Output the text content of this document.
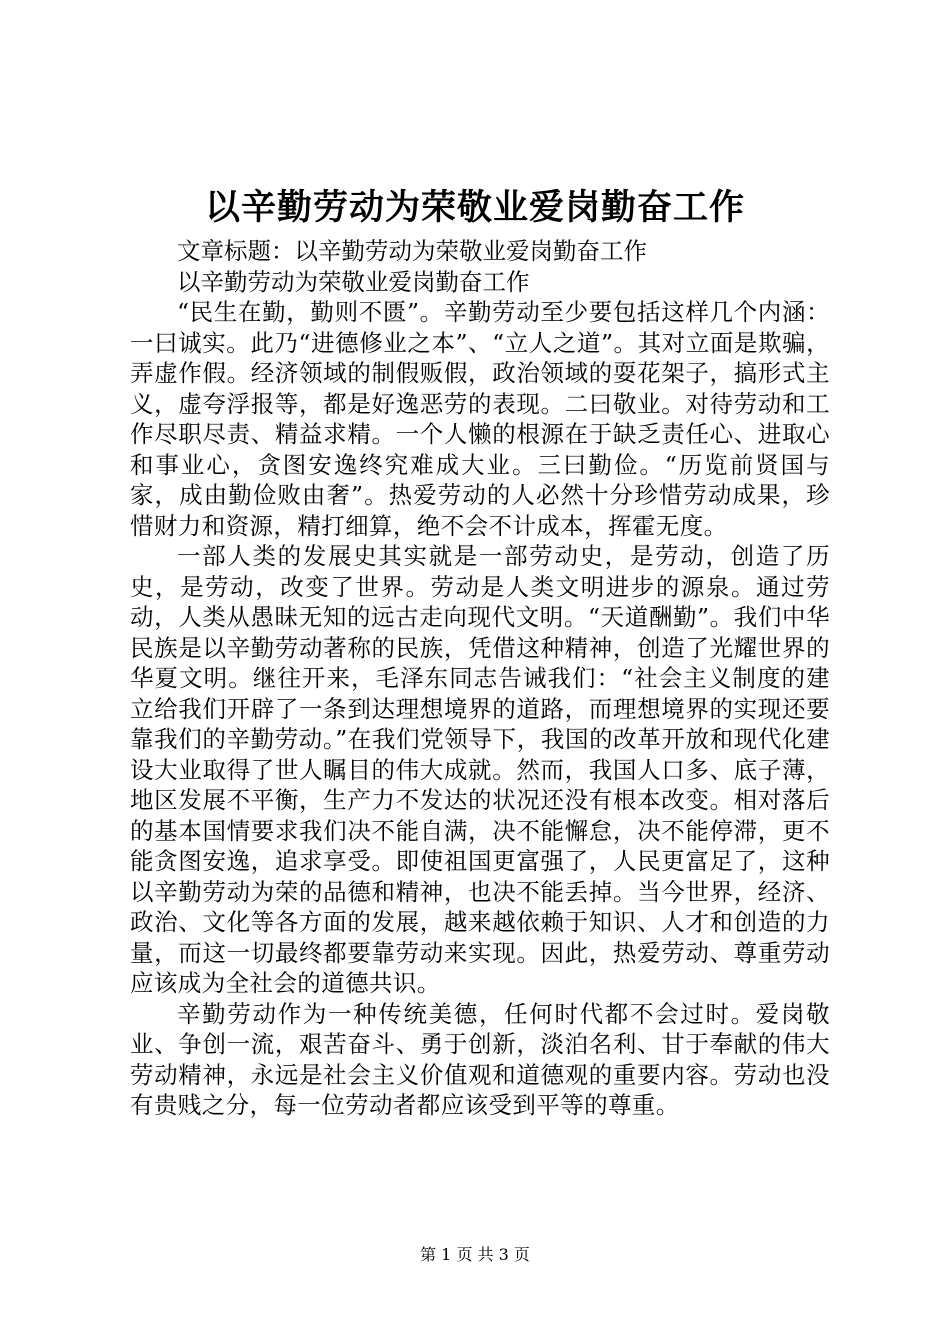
以辛勤劳动为荣敬业爱岗勤奋工作

文章标题：以辛勤劳动为荣敬业爱岗勤奋工作

以辛勤劳动为荣敬业爱岗勤奋工作

“民生在勤，勤则不匮”。辛勤劳动至少要包括这样几个内涵：一曰诚实。此乃“进德修业之本”、“立人之道”。其对立面是欺骗，弄虚作假。经济领域的制假贩假，政治领域的耍花架子，搞形式主义，虚夸浮报等，都是好逸恶劳的表现。二曰敬业。对待劳动和工作尽职尽责、精益求精。一个人懒的根源在于缺乏责任心、进取心和事业心，贪图安逸终究难成大业。三曰勤俭。“历览前贤国与家，成由勤俭败由奢”。热爱劳动的人必然十分珍惜劳动成果，珍惜财力和资源，精打细算，绝不会不计成本，挥霍无度。

一部人类的发展史其实就是一部劳动史，是劳动，创造了历史，是劳动，改变了世界。劳动是人类文明进步的源泉。通过劳动，人类从愚昧无知的远古走向现代文明。“天道酬勤”。我们中华民族是以辛勤劳动著称的民族，凭借这种精神，创造了光耀世界的华夏文明。继往开来，毛泽东同志告诫我们：“社会主义制度的建立给我们开辟了一条到达理想境界的道路，而理想境界的实现还要靠我们的辛勤劳动。”在我们党领导下，我国的改革开放和现代化建设大业取得了世人瞩目的伟大成就。然而，我国人口多、底子薄，地区发展不平衡，生产力不发达的状况还没有根本改变。相对落后的基本国情要求我们决不能自满，决不能懈怠，决不能停滞，更不能贪图安逸，追求享受。即使祖国更富强了，人民更富足了，这种以辛勤劳动为荣的品德和精神，也决不能丢掉。当今世界，经济、政治、文化等各方面的发展，越来越依赖于知识、人才和创造的力量，而这一切最终都要靠劳动来实现。因此，热爱劳动、尊重劳动应该成为全社会的道德共识。

辛勤劳动作为一种传统美德，任何时代都不会过时。爱岗敬业、争创一流，艰苦奋斗、勇于创新，淡泊名利、甘于奉献的伟大劳动精神，永远是社会主义价值观和道德观的重要内容。劳动也没有贵贱之分，每一位劳动者都应该受到平等的尊重。

第 1 页 共 3 页
